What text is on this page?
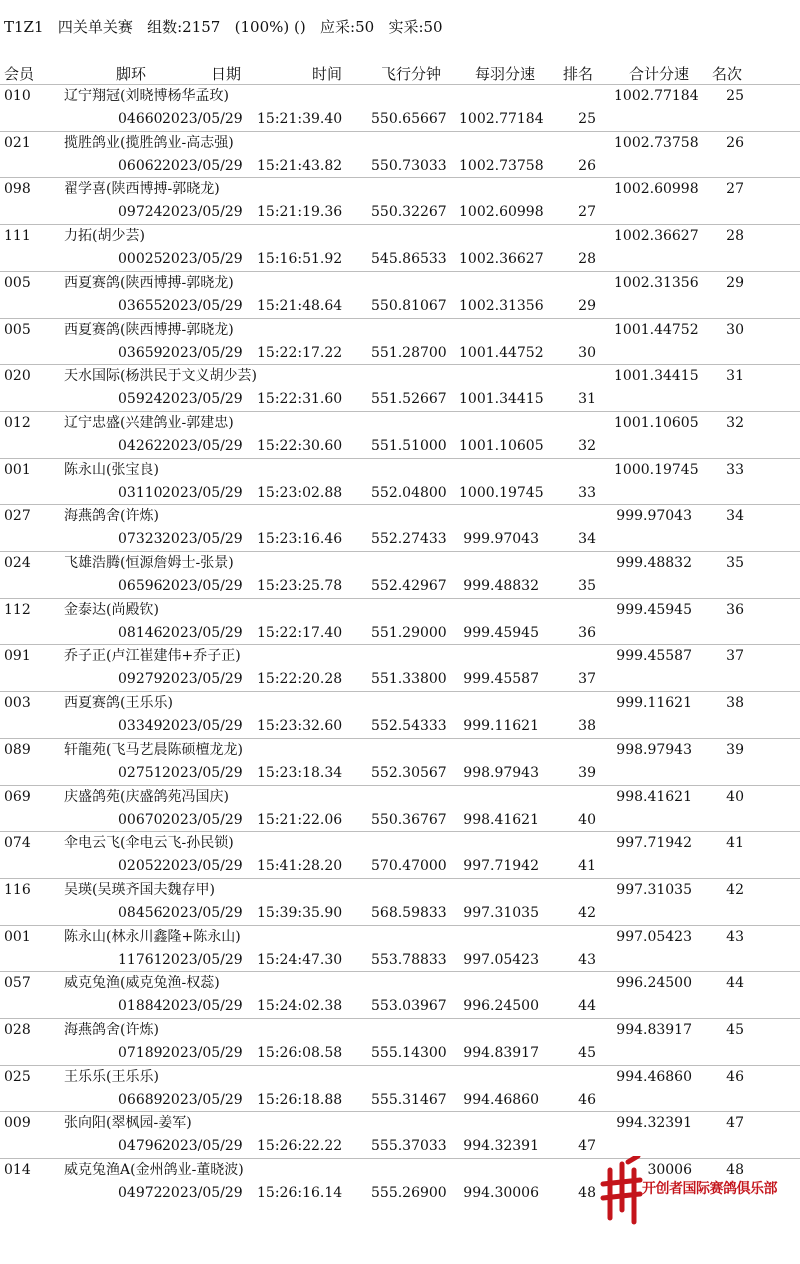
T1Z1   四关单关赛   组数:2157   (100%) ()   应采:50   实采:50
会员	脚环	日期	时间	飞行分钟 每羽分速 排名 合计分速 名次
010 辽宁翔冠(刘晓博杨华孟玫)	1002.77184	25
04660 2023/05/29 15:21:39.40 550.65667 1002.77184 25
021 揽胜鸽业(揽胜鸽业-高志强)	1002.73758	26
06062 2023/05/29 15:21:43.82 550.73033 1002.73758 26
098 翟学喜(陕西博搏-郭晓龙)	1002.60998	27
09724 2023/05/29 15:21:19.36 550.32267 1002.60998 27
111 力拓(胡少芸)	1002.36627	28
00025 2023/05/29 15:16:51.92 545.86533 1002.36627 28
005 西夏赛鸽(陕西博搏-郭晓龙)	1002.31356	29
03655 2023/05/29 15:21:48.64 550.81067 1002.31356 29
005 西夏赛鸽(陕西博搏-郭晓龙)	1001.44752	30
03659 2023/05/29 15:22:17.22 551.28700 1001.44752 30
020 天水国际(杨洪民于文义胡少芸)	1001.34415	31
05924 2023/05/29 15:22:31.60 551.52667 1001.34415 31
012 辽宁忠盛(兴建鸽业-郭建忠)	1001.10605	32
04262 2023/05/29 15:22:30.60 551.51000 1001.10605 32
001 陈永山(张宝良)	1000.19745	33
03110 2023/05/29 15:23:02.88 552.04800 1000.19745 33
027 海燕鸽舍(许炼)	999.97043	34
07323 2023/05/29 15:23:16.46 552.27433	999.97043	34
024 飞雄浩腾(恒源詹姆士-张景)	999.48832	35
06596 2023/05/29 15:23:25.78 552.42967	999.48832	35
112 金泰达(尚殿钦)	999.45945	36
08146 2023/05/29 15:22:17.40 551.29000	999.45945	36
091 乔子正(卢江崔建伟+乔子正)	999.45587	37
09279 2023/05/29 15:22:20.28 551.33800	999.45587	37
003 西夏赛鸽(王乐乐)	999.11621	38
03349 2023/05/29 15:23:32.60 552.54333	999.11621	38
089 轩龍苑(飞马艺晨陈硕檀龙龙)	998.97943	39
02751 2023/05/29 15:23:18.34 552.30567	998.97943	39
069 庆盛鸽苑(庆盛鸽苑冯国庆)	998.41621	40
00670 2023/05/29 15:21:22.06 550.36767	998.41621	40
074 伞电云飞(伞电云飞-孙民锁)	997.71942	41
02052 2023/05/29 15:41:28.20 570.47000	997.71942	41
116 吴瑛(吴瑛齐国夫魏存甲)	997.31035	42
08456 2023/05/29 15:39:35.90 568.59833	997.31035	42
001 陈永山(林永川鑫隆+陈永山)	997.05423	43
11761 2023/05/29 15:24:47.30 553.78833	997.05423	43
057 威克兔渔(威克兔渔-权蕊)	996.24500	44
01884 2023/05/29 15:24:02.38 553.03967	996.24500	44
028 海燕鸽舍(许炼)	994.83917	45
07189 2023/05/29 15:26:08.58 555.14300	994.83917	45
025 王乐乐(王乐乐)	994.46860	46
06689 2023/05/29 15:26:18.88 555.31467	994.46860	46
009 张向阳(翠枫园-姜军)	994.32391	47
04796 2023/05/29 15:26:22.22 555.37033	994.32391	47
014 威克兔渔A(金州鸽业-董晓波)	30006	48
04972 2023/05/29 15:26:16.14 555.26900	994.30006	48	开创者国际赛鸽俱乐部
